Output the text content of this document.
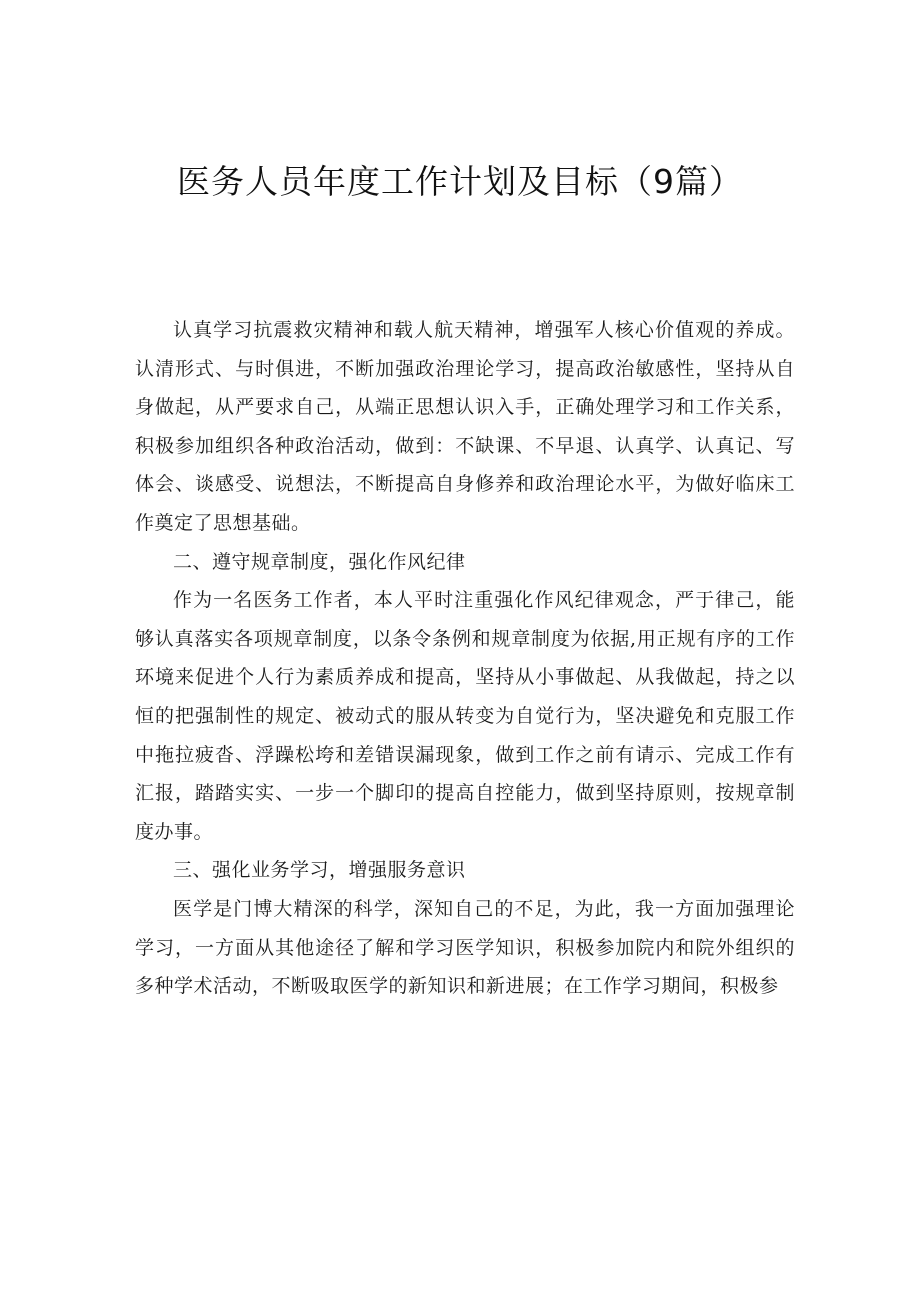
医务人员年度工作计划及目标（9篇）

认真学习抗震救灾精神和载人航天精神，增强军人核心价值观的养成。认清形式、与时俱进，不断加强政治理论学习，提高政治敏感性，坚持从自身做起，从严要求自己，从端正思想认识入手，正确处理学习和工作关系，积极参加组织各种政治活动，做到：不缺课、不早退、认真学、认真记、写体会、谈感受、说想法，不断提高自身修养和政治理论水平，为做好临床工作奠定了思想基础。

二、遵守规章制度，强化作风纪律

作为一名医务工作者，本人平时注重强化作风纪律观念，严于律己，能够认真落实各项规章制度，以条令条例和规章制度为依据,用正规有序的工作环境来促进个人行为素质养成和提高，坚持从小事做起、从我做起，持之以恒的把强制性的规定、被动式的服从转变为自觉行为，坚决避免和克服工作中拖拉疲沓、浮躁松垮和差错误漏现象，做到工作之前有请示、完成工作有汇报，踏踏实实、一步一个脚印的提高自控能力，做到坚持原则，按规章制度办事。

三、强化业务学习，增强服务意识

医学是门博大精深的科学，深知自己的不足，为此，我一方面加强理论学习，一方面从其他途径了解和学习医学知识，积极参加院内和院外组织的多种学术活动，不断吸取医学的新知识和新进展；在工作学习期间，积极参
